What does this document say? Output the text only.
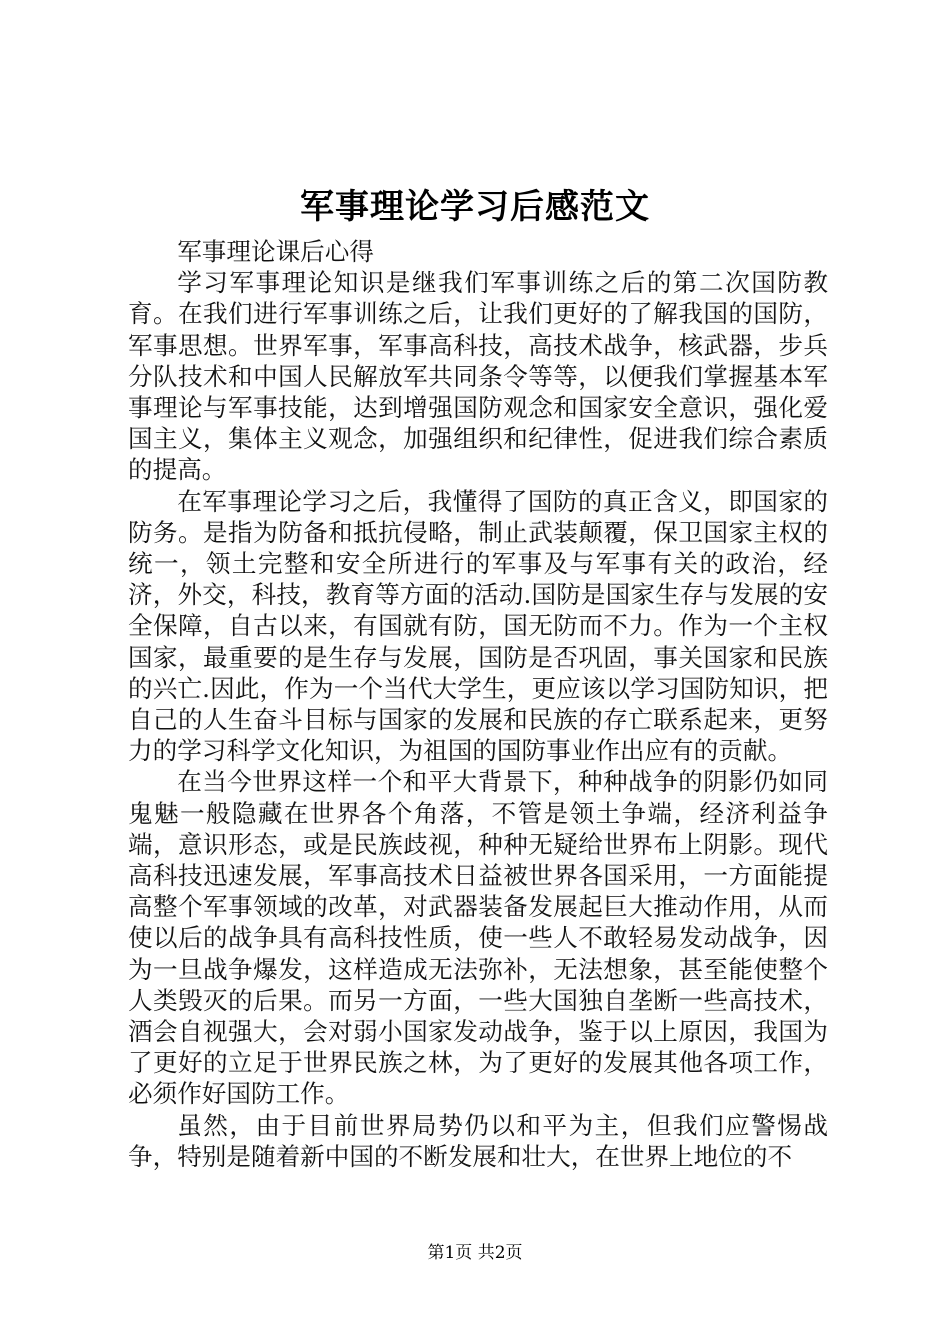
军事理论学习后感范文

军事理论课后心得

学习军事理论知识是继我们军事训练之后的第二次国防教育。在我们进行军事训练之后，让我们更好的了解我国的国防，军事思想。世界军事，军事高科技，高技术战争，核武器，步兵分队技术和中国人民解放军共同条令等等，以便我们掌握基本军事理论与军事技能，达到增强国防观念和国家安全意识，强化爱国主义，集体主义观念，加强组织和纪律性，促进我们综合素质的提高。

在军事理论学习之后，我懂得了国防的真正含义，即国家的防务。是指为防备和抵抗侵略，制止武装颠覆，保卫国家主权的统一，领土完整和安全所进行的军事及与军事有关的政治，经济，外交，科技，教育等方面的活动.国防是国家生存与发展的安全保障，自古以来，有国就有防，国无防而不力。作为一个主权国家，最重要的是生存与发展，国防是否巩固，事关国家和民族的兴亡.因此，作为一个当代大学生，更应该以学习国防知识，把自己的人生奋斗目标与国家的发展和民族的存亡联系起来，更努力的学习科学文化知识，为祖国的国防事业作出应有的贡献。

在当今世界这样一个和平大背景下，种种战争的阴影仍如同鬼魅一般隐藏在世界各个角落，不管是领土争端，经济利益争端，意识形态，或是民族歧视，种种无疑给世界布上阴影。现代高科技迅速发展，军事高技术日益被世界各国采用，一方面能提高整个军事领域的改革，对武器装备发展起巨大推动作用，从而使以后的战争具有高科技性质，使一些人不敢轻易发动战争，因为一旦战争爆发，这样造成无法弥补，无法想象，甚至能使整个人类毁灭的后果。而另一方面，一些大国独自垄断一些高技术，酒会自视强大，会对弱小国家发动战争，鉴于以上原因，我国为了更好的立足于世界民族之林，为了更好的发展其他各项工作，必须作好国防工作。

虽然，由于目前世界局势仍以和平为主，但我们应警惕战争，特别是随着新中国的不断发展和壮大，在世界上地位的不

第1页 共2页
